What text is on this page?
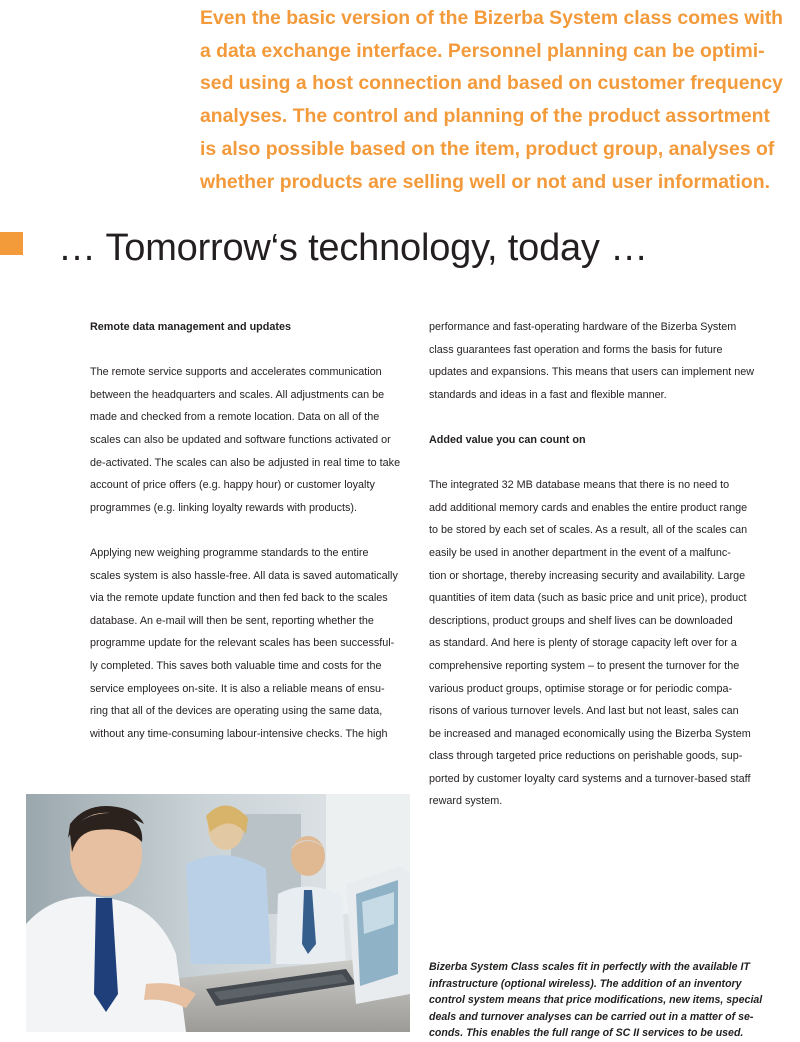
Even the basic version of the Bizerba System class comes with
a data exchange interface. Personnel planning can be optimi-
sed using a host connection and based on customer frequency
analyses. The control and planning of the product assortment
is also possible based on the item, product group, analyses of
whether products are selling well or not and user information.
… Tomorrow‘s technology, today …
Remote data management and updates
The remote service supports and accelerates communication
between the headquarters and scales. All adjustments can be
made and checked from a remote location. Data on all of the
scales can also be updated and software functions activated or
de-activated. The scales can also be adjusted in real time to take
account of price offers (e.g. happy hour) or customer loyalty
programmes (e.g. linking loyalty rewards with products).
Applying new weighing programme standards to the entire
scales system is also hassle-free. All data is saved automatically
via the remote update function and then fed back to the scales
database. An e-mail will then be sent, reporting whether the
programme update for the relevant scales has been successful-
ly completed. This saves both valuable time and costs for the
service employees on-site. It is also a reliable means of ensu-
ring that all of the devices are operating using the same data,
without any time-consuming labour-intensive checks. The high
performance and fast-operating hardware of the Bizerba System
class guarantees fast operation and forms the basis for future
updates and expansions. This means that users can implement new
standards and ideas in a fast and flexible manner.
Added value you can count on
The integrated 32 MB database means that there is no need to
add additional memory cards and enables the entire product range
to be stored by each set of scales. As a result, all of the scales can
easily be used in another department in the event of a malfunc-
tion or shortage, thereby increasing security and availability. Large
quantities of item data (such as basic price and unit price), product
descriptions, product groups and shelf lives can be downloaded
as standard. And here is plenty of storage capacity left over for a
comprehensive reporting system – to present the turnover for the
various product groups, optimise storage or for periodic compa-
risons of various turnover levels. And last but not least, sales can
be increased and managed economically using the Bizerba System
class through targeted price reductions on perishable goods, sup-
ported by customer loyalty card systems and a turnover-based staff
reward system.
Bizerba System Class scales fit in perfectly with the available IT
infrastructure (optional wireless). The addition of an inventory
control system means that price modifications, new items, special
deals and turnover analyses can be carried out in a matter of se-
conds. This enables the full range of SC II services to be used.
